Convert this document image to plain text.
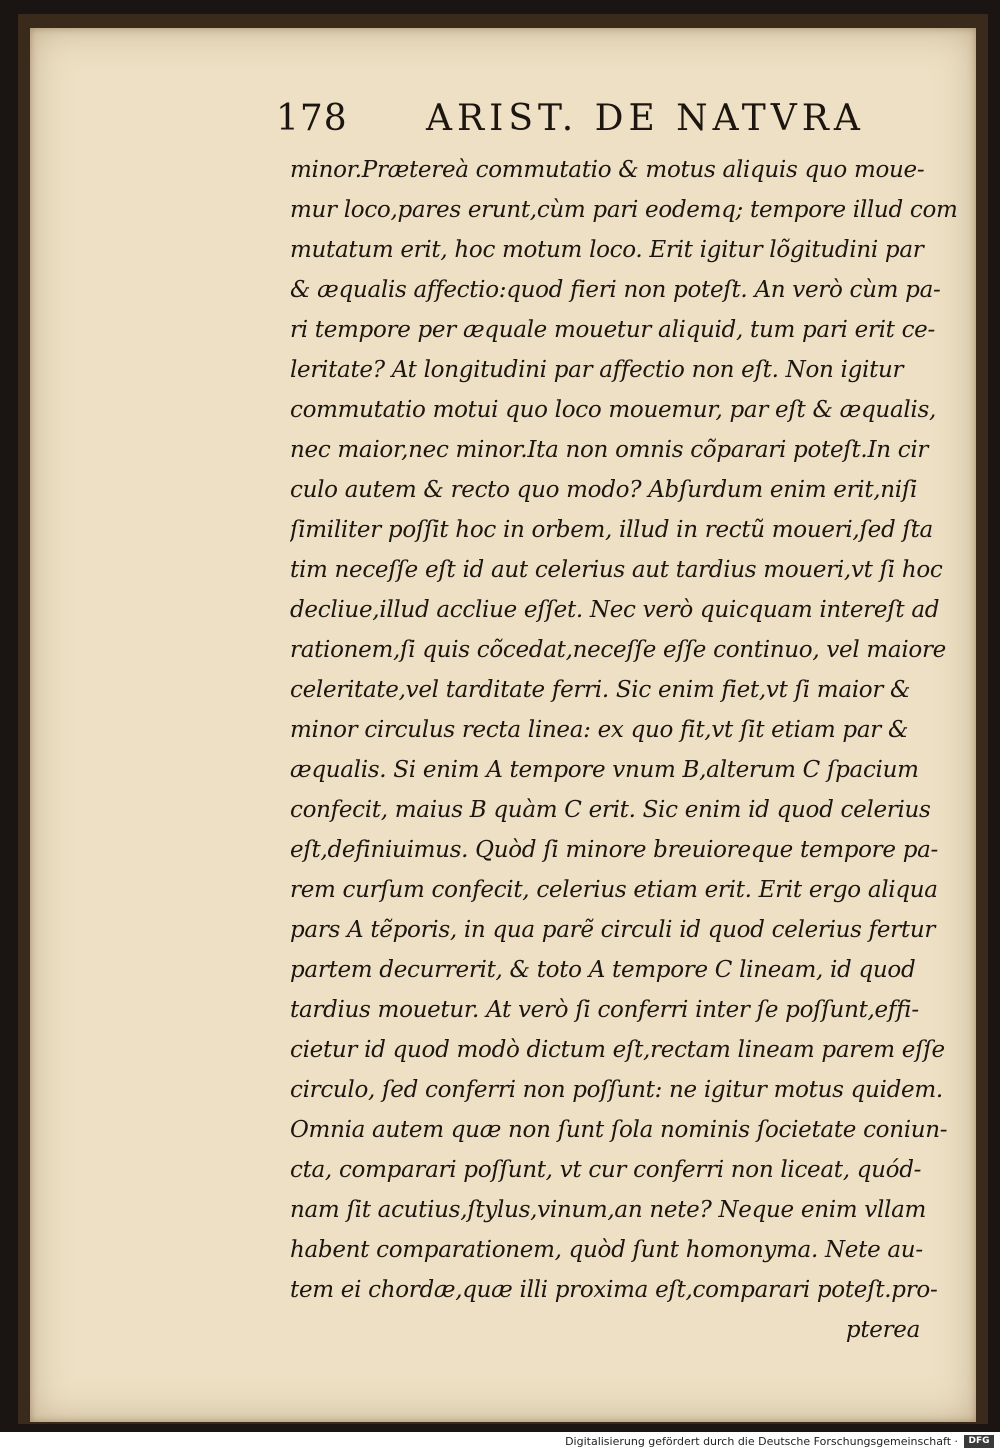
178 ARIST. DE NATVRA
minor.Prætereà commutatio & motus aliquis quo moue-
mur loco,pares erunt,cùm pari eodemq; tempore illud com
mutatum erit, hoc motum loco. Erit igitur lõgitudini par
& æqualis affectio:quod fieri non poteſt. An verò cùm pa-
ri tempore per æquale mouetur aliquid, tum pari erit ce-
leritate? At longitudini par affectio non eſt. Non igitur
commutatio motui quo loco mouemur, par eſt & æqualis,
nec maior,nec minor.Ita non omnis cõparari poteſt.In cir
culo autem & recto quo modo? Abſurdum enim erit,niſi
ſimiliter poſſit hoc in orbem, illud in rectũ moueri,ſed ſta
tim neceſſe eſt id aut celerius aut tardius moueri,vt ſi hoc
decliue,illud accliue eſſet. Nec verò quicquam intereſt ad
rationem,ſi quis cõcedat,neceſſe eſſe continuo, vel maiore
celeritate,vel tarditate ferri. Sic enim fiet,vt ſi maior &
minor circulus recta linea: ex quo fit,vt ſit etiam par &
æqualis. Si enim A tempore vnum B,alterum C ſpacium
confecit, maius B quàm C erit. Sic enim id quod celerius
eſt,definiuimus. Quòd ſi minore breuioreque tempore pa-
rem curſum confecit, celerius etiam erit. Erit ergo aliqua
pars A tẽporis, in qua parẽ circuli id quod celerius fertur
partem decurrerit, & toto A tempore C lineam, id quod
tardius mouetur. At verò ſi conferri inter ſe poſſunt,effi-
cietur id quod modò dictum eſt,rectam lineam parem eſſe
circulo, ſed conferri non poſſunt: ne igitur motus quidem.
Omnia autem quæ non ſunt ſola nominis ſocietate coniun-
cta, comparari poſſunt, vt cur conferri non liceat, quód-
nam ſit acutius,ſtylus,vinum,an nete? Neque enim vllam
habent comparationem, quòd ſunt homonyma. Nete au-
tem ei chordæ,quæ illi proxima eſt,comparari poteſt.pro-
pterea
Digitalisierung gefördert durch die Deutsche Forschungsgemeinschaft ·	DFG
